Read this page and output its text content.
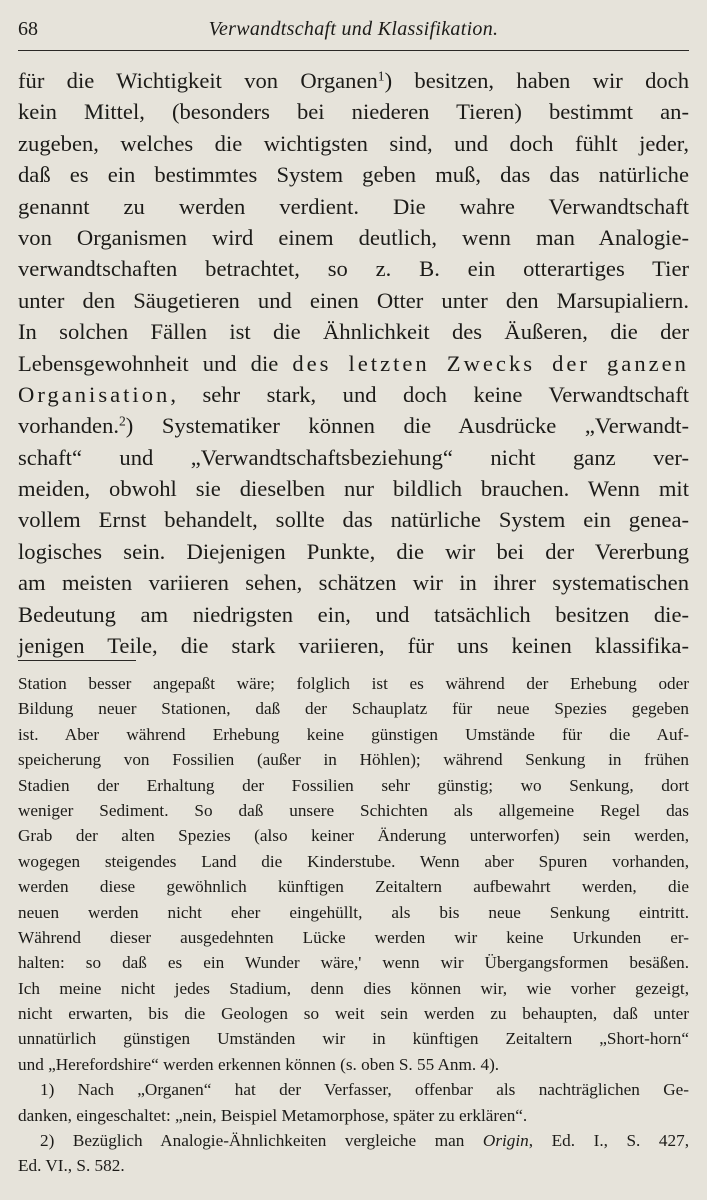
68	Verwandtschaft und Klassifikation.
für die Wichtigkeit von Organen$^1$) besitzen, haben wir doch
kein Mittel, (besonders bei niederen Tieren) bestimmt an-
zugeben, welches die wichtigsten sind, und doch fühlt jeder,
daß es ein bestimmtes System geben muß, das das natürliche
genannt zu werden verdient. Die wahre Verwandtschaft
von Organismen wird einem deutlich, wenn man Analogie-
verwandtschaften betrachtet, so z. B. ein otterartiges Tier
unter den Säugetieren und einen Otter unter den Marsupialiern.
In solchen Fällen ist die Ähnlichkeit des Äußeren, die der
Lebensgewohnheit und die des letzten Zwecks der ganzen
Organisation, sehr stark, und doch keine Verwandtschaft
vorhanden.$^2$) Systematiker können die Ausdrücke „Verwandt-
schaft“ und „Verwandtschaftsbeziehung“ nicht ganz ver-
meiden, obwohl sie dieselben nur bildlich brauchen. Wenn mit
vollem Ernst behandelt, sollte das natürliche System ein genea-
logisches sein. Diejenigen Punkte, die wir bei der Vererbung
am meisten variieren sehen, schätzen wir in ihrer systematischen
Bedeutung am niedrigsten ein, und tatsächlich besitzen die-
jenigen Teile, die stark variieren, für uns keinen klassifika-
Station besser angepaßt wäre; folglich ist es während der Erhebung oder
Bildung neuer Stationen, daß der Schauplatz für neue Spezies gegeben
ist. Aber während Erhebung keine günstigen Umstände für die Auf-
speicherung von Fossilien (außer in Höhlen); während Senkung in frühen
Stadien der Erhaltung der Fossilien sehr günstig; wo Senkung, dort
weniger Sediment. So daß unsere Schichten als allgemeine Regel das
Grab der alten Spezies (also keiner Änderung unterworfen) sein werden,
wogegen steigendes Land die Kinderstube. Wenn aber Spuren vorhanden,
werden diese gewöhnlich künftigen Zeitaltern aufbewahrt werden, die
neuen werden nicht eher eingehüllt, als bis neue Senkung eintritt.
Während dieser ausgedehnten Lücke werden wir keine Urkunden er-
halten: so daß es ein Wunder wäre,' wenn wir Übergangsformen besäßen.
Ich meine nicht jedes Stadium, denn dies können wir, wie vorher gezeigt,
nicht erwarten, bis die Geologen so weit sein werden zu behaupten, daß unter
unnatürlich günstigen Umständen wir in künftigen Zeitaltern „Short-horn“
und „Herefordshire“ werden erkennen können (s. oben S. 55 Anm. 4).
1) Nach „Organen“ hat der Verfasser, offenbar als nachträglichen Ge-
danken, eingeschaltet: „nein, Beispiel Metamorphose, später zu erklären“.
2) Bezüglich Analogie-Ähnlichkeiten vergleiche man Origin, Ed. I., S. 427,
Ed. VI., S. 582.
